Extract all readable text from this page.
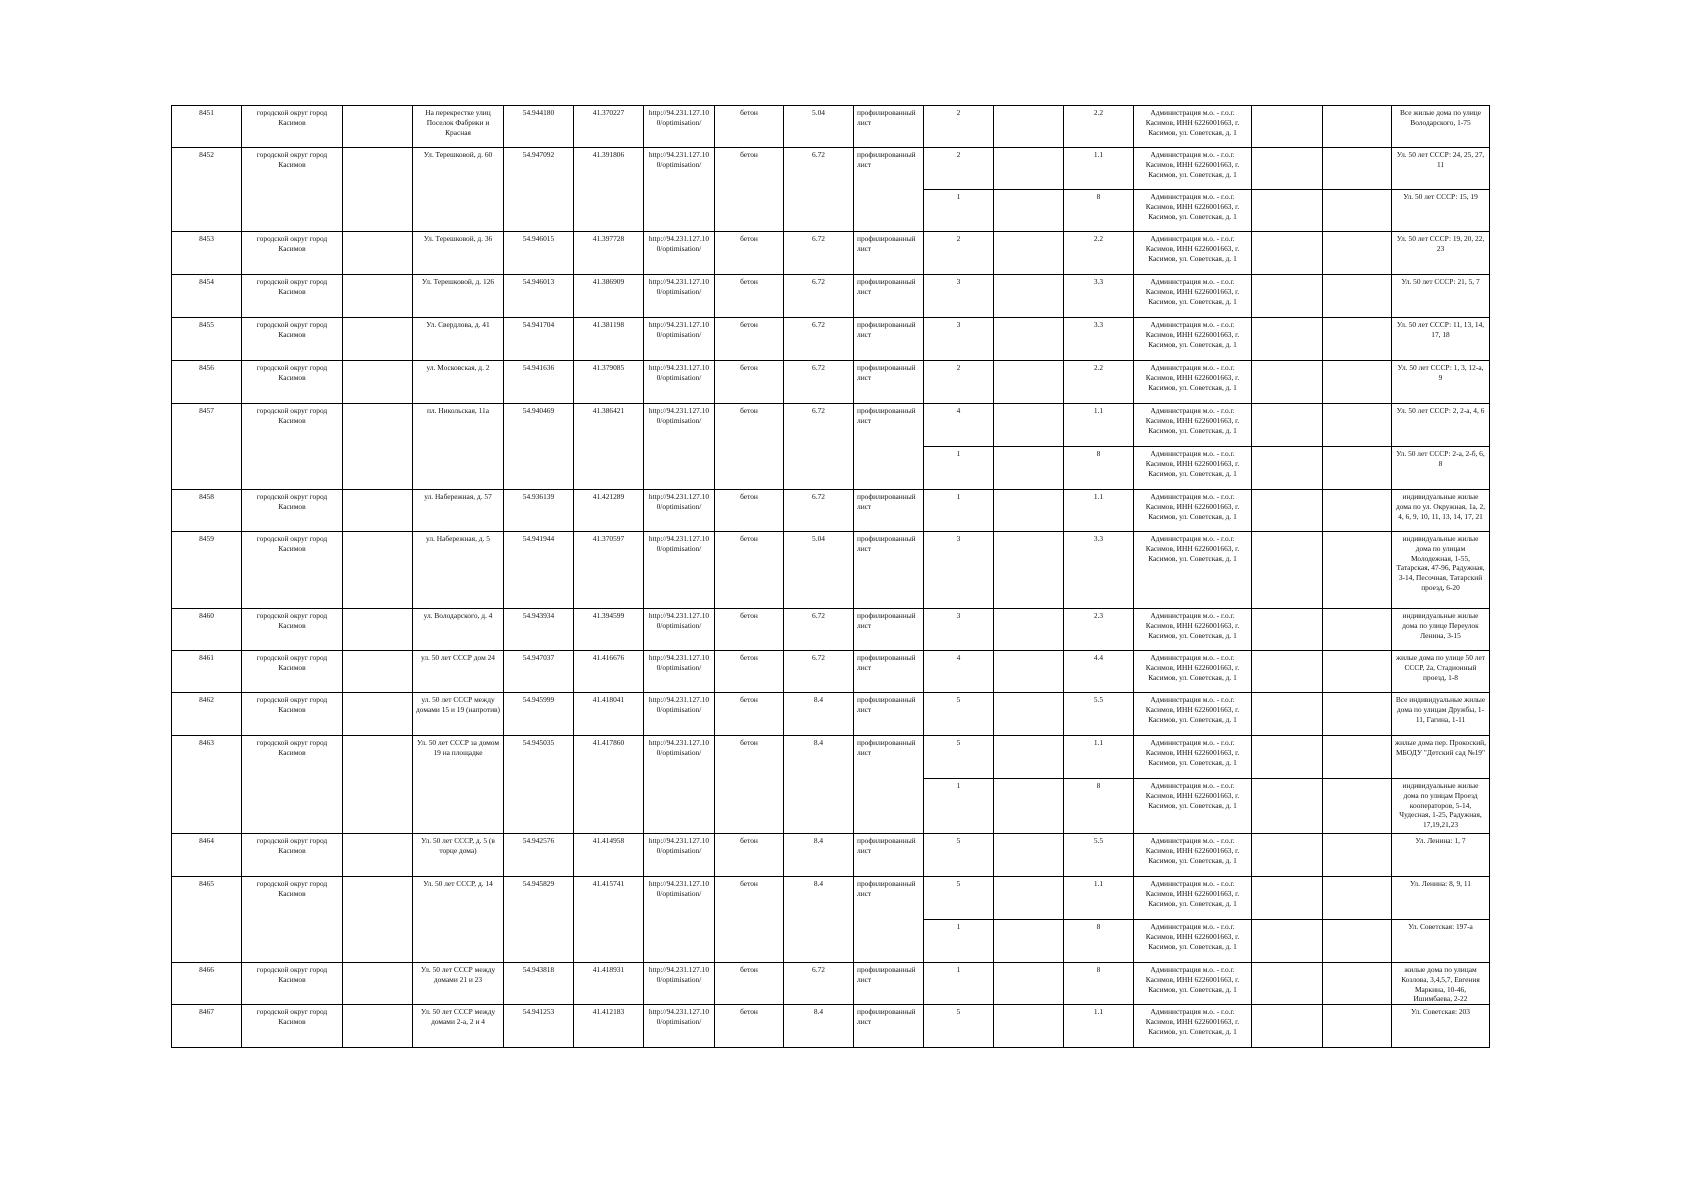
8451	городской округ город Касимов		На перекрестке улиц Поселок Фабрики и Красная	54.944180	41.370227	http://94.231.127.10 0/optimisation/	бетон	5.04	профилированный лист	2		2.2	Администрация м.о. - г.о.г. Касимов, ИНН 6226001663, г. Касимов, ул. Советская, д. 1			Все жилые дома по улице Володарского, 1-75
8452	городской округ город Касимов		Ул. Терешковой, д. 60	54.947092	41.391806	http://94.231.127.10 0/optimisation/	бетон	6.72	профилированный лист	2		1.1	Администрация м.о. - г.о.г. Касимов, ИНН 6226001663, г. Касимов, ул. Советская, д. 1			Ул. 50 лет СССР: 24, 25, 27, 11
										1		8	Администрация м.о. - г.о.г. Касимов, ИНН 6226001663, г. Касимов, ул. Советская, д. 1			Ул. 50 лет СССР: 15, 19
8453	городской округ город Касимов		Ул. Терешковой, д. 36	54.946015	41.397728	http://94.231.127.10 0/optimisation/	бетон	6.72	профилированный лист	2		2.2	Администрация м.о. - г.о.г. Касимов, ИНН 6226001663, г. Касимов, ул. Советская, д. 1			Ул. 50 лет СССР: 19, 20, 22, 23
8454	городской округ город Касимов		Ул. Терешковой, д. 126	54.946013	41.386909	http://94.231.127.10 0/optimisation/	бетон	6.72	профилированный лист	3		3.3	Администрация м.о. - г.о.г. Касимов, ИНН 6226001663, г. Касимов, ул. Советская, д. 1			Ул. 50 лет СССР: 21, 5, 7
8455	городской округ город Касимов		Ул. Свердлова, д. 41	54.941704	41.381198	http://94.231.127.10 0/optimisation/	бетон	6.72	профилированный лист	3		3.3	Администрация м.о. - г.о.г. Касимов, ИНН 6226001663, г. Касимов, ул. Советская, д. 1			Ул. 50 лет СССР: 11, 13, 14, 17, 18
8456	городской округ город Касимов		ул. Московская, д. 2	54.941636	41.379085	http://94.231.127.10 0/optimisation/	бетон	6.72	профилированный лист	2		2.2	Администрация м.о. - г.о.г. Касимов, ИНН 6226001663, г. Касимов, ул. Советская, д. 1			Ул. 50 лет СССР: 1, 3, 12-а, 9
8457	городской округ город Касимов		пл. Никольская, 11а	54.940469	41.386421	http://94.231.127.10 0/optimisation/	бетон	6.72	профилированный лист	4		1.1	Администрация м.о. - г.о.г. Касимов, ИНН 6226001663, г. Касимов, ул. Советская, д. 1			Ул. 50 лет СССР: 2, 2-а, 4, 6
										1		8	Администрация м.о. - г.о.г. Касимов, ИНН 6226001663, г. Касимов, ул. Советская, д. 1			Ул. 50 лет СССР: 2-а, 2-б, 6, 8
8458	городской округ город Касимов		ул. Набережная, д. 57	54.936139	41.421289	http://94.231.127.10 0/optimisation/	бетон	6.72	профилированный лист	1		1.1	Администрация м.о. - г.о.г. Касимов, ИНН 6226001663, г. Касимов, ул. Советская, д. 1			индивидуальные жилые дома по ул. Окружная, 1а, 2, 4, 6, 9, 10, 11, 13, 14, 17, 21
8459	городской округ город Касимов		ул. Набережная, д. 5	54.941944	41.370597	http://94.231.127.10 0/optimisation/	бетон	5.04	профилированный лист	3		3.3	Администрация м.о. - г.о.г. Касимов, ИНН 6226001663, г. Касимов, ул. Советская, д. 1			индивидуальные жилые дома по улицам Молодежная, 1-55, Татарская, 47-96, Радужная, 3-14, Песочная, Татарский проезд, 6-20
8460	городской округ город Касимов		ул. Володарского, д. 4	54.943934	41.394599	http://94.231.127.10 0/optimisation/	бетон	6.72	профилированный лист	3		2.3	Администрация м.о. - г.о.г. Касимов, ИНН 6226001663, г. Касимов, ул. Советская, д. 1			индивидуальные жилые дома по улице Переулок Ленина, 3-15
8461	городской округ город Касимов		ул. 50 лет СССР дом 24	54.947037	41.416676	http://94.231.127.10 0/optimisation/	бетон	6.72	профилированный лист	4		4.4	Администрация м.о. - г.о.г. Касимов, ИНН 6226001663, г. Касимов, ул. Советская, д. 1			жилые дома по улице 50 лет СССР, 2а, Стадионный проезд, 1-8
8462	городской округ город Касимов		ул. 50 лет СССР между домами 15 и 19 (напротив)	54.945999	41.418041	http://94.231.127.10 0/optimisation/	бетон	8.4	профилированный лист	5		5.5	Администрация м.о. - г.о.г. Касимов, ИНН 6226001663, г. Касимов, ул. Советская, д. 1			Все индивидуальные жилые дома по улицам Дружбы, 1-11, Гагина, 1-11
8463	городской округ город Касимов		Ул. 50 лет СССР за домом 19 на площадке	54.945035	41.417860	http://94.231.127.10 0/optimisation/	бетон	8.4	профилированный лист	5		1.1	Администрация м.о. - г.о.г. Касимов, ИНН 6226001663, г. Касимов, ул. Советская, д. 1			жилые дома пер. Прокоский, МБОДУ "Детский сад №19"
										1		8	Администрация м.о. - г.о.г. Касимов, ИНН 6226001663, г. Касимов, ул. Советская, д. 1			индивидуальные жилые дома по улицам Проезд кооператоров, 5-14, Чудесная, 1-25, Радужная, 17,19,21,23
8464	городской округ город Касимов		Ул. 50 лет СССР, д. 5 (в торце дома)	54.942576	41.414958	http://94.231.127.10 0/optimisation/	бетон	8.4	профилированный лист	5		5.5	Администрация м.о. - г.о.г. Касимов, ИНН 6226001663, г. Касимов, ул. Советская, д. 1			Ул. Ленина: 1, 7
8465	городской округ город Касимов		Ул. 50 лет СССР, д. 14	54.945829	41.415741	http://94.231.127.10 0/optimisation/	бетон	8.4	профилированный лист	5		1.1	Администрация м.о. - г.о.г. Касимов, ИНН 6226001663, г. Касимов, ул. Советская, д. 1			Ул. Ленина: 8, 9, 11
										1		8	Администрация м.о. - г.о.г. Касимов, ИНН 6226001663, г. Касимов, ул. Советская, д. 1			Ул. Советская: 197-а
8466	городской округ город Касимов		Ул. 50 лет СССР между домами 21 и 23	54.943818	41.418931	http://94.231.127.10 0/optimisation/	бетон	6.72	профилированный лист	1		8	Администрация м.о. - г.о.г. Касимов, ИНН 6226001663, г. Касимов, ул. Советская, д. 1			жилые дома по улицам Козлова, 3,4,5,7, Евгения Маркина, 10-46, Ишимбаева, 2-22
8467	городской округ город Касимов		Ул. 50 лет СССР между домами 2-а, 2 и 4	54.941253	41.412183	http://94.231.127.10 0/optimisation/	бетон	8.4	профилированный лист	5		1.1	Администрация м.о. - г.о.г. Касимов, ИНН 6226001663, г. Касимов, ул. Советская, д. 1			Ул. Советская: 203
